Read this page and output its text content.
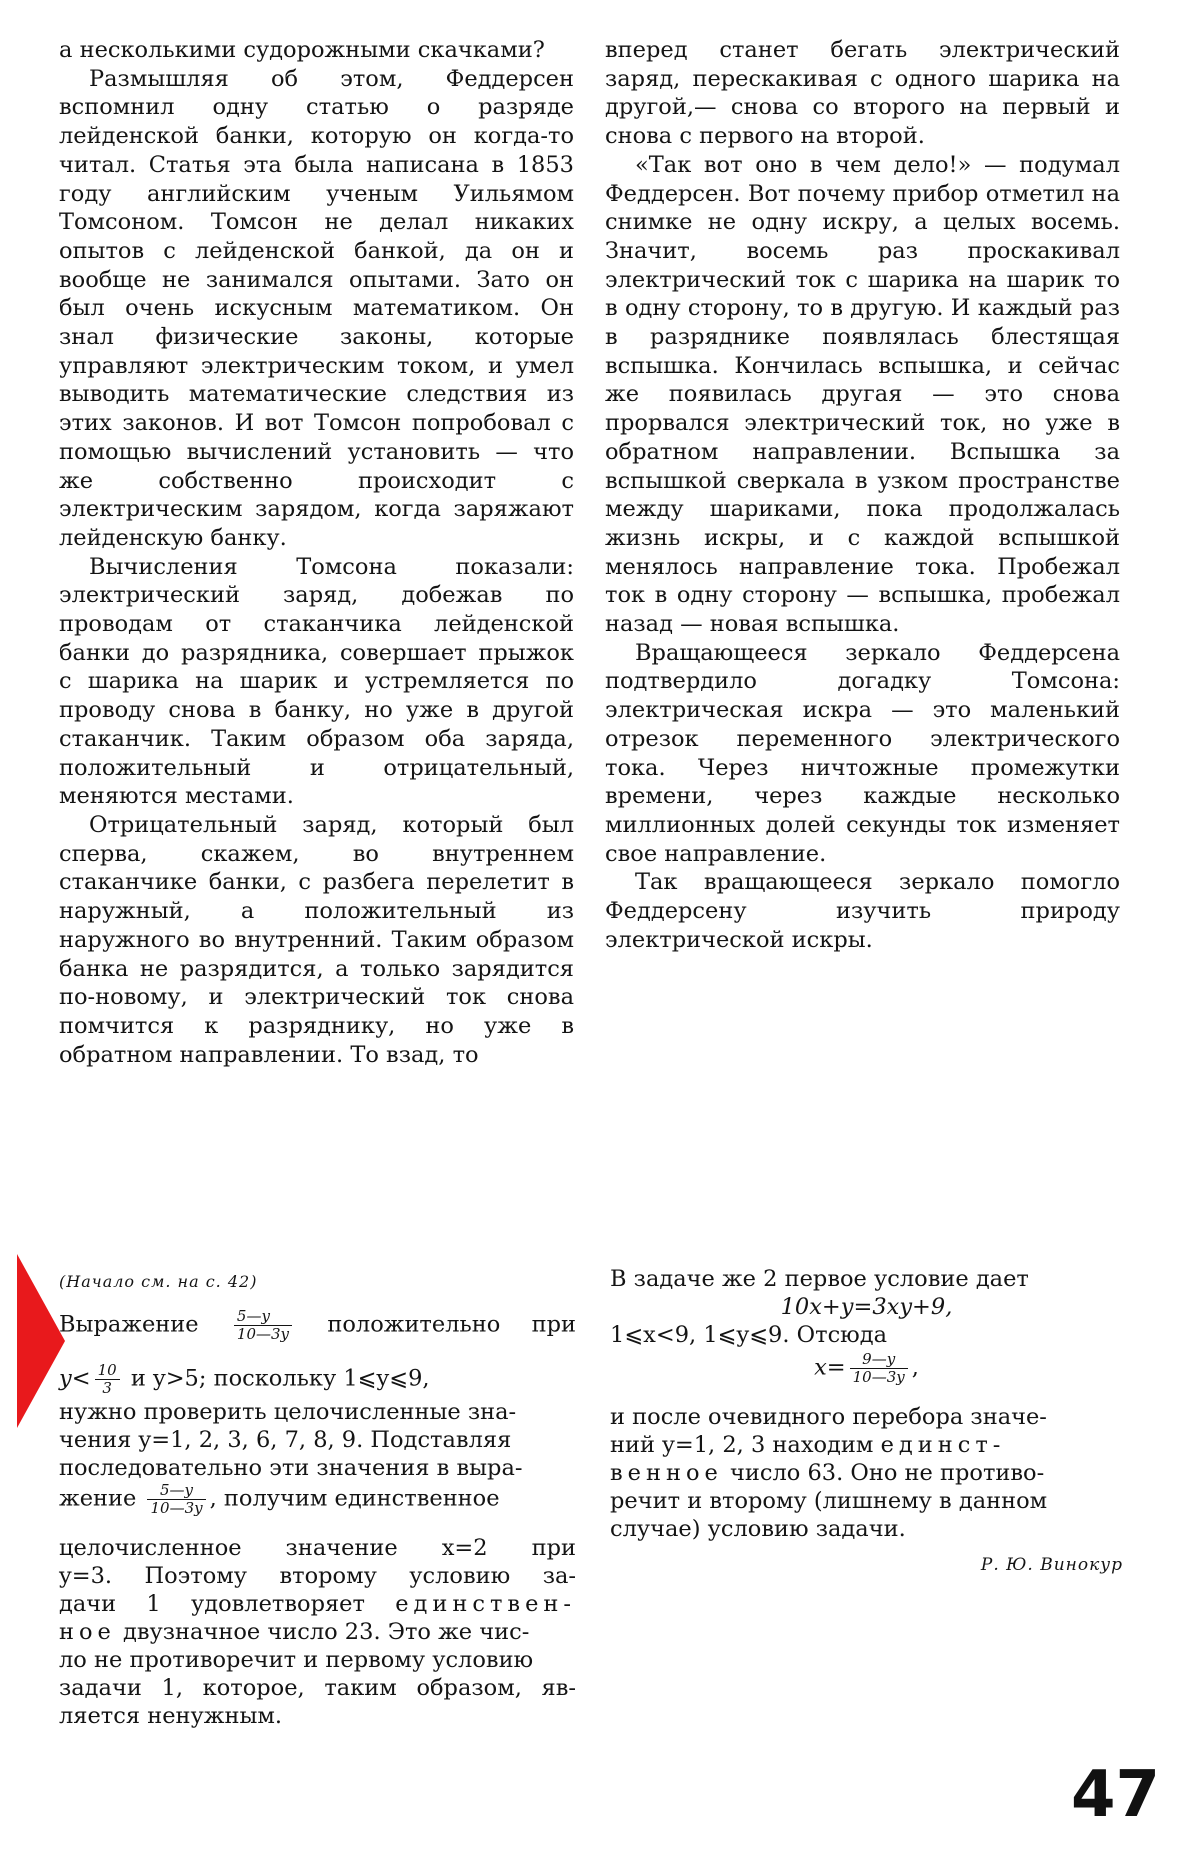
а несколькими судорожными скачками?

Размышляя об этом, Феддерсен вспомнил одну статью о разряде лейденской банки, которую он когда-то читал. Статья эта была написана в 1853 году английским ученым Уильямом Томсоном. Томсон не делал никаких опытов с лейденской банкой, да он и вообще не занимался опытами. Зато он был очень искусным математиком. Он знал физические законы, которые управляют электрическим током, и умел выводить математические следствия из этих законов. И вот Томсон попробовал с помощью вычислений установить — что же собственно происходит с электрическим зарядом, когда заряжают лейденскую банку.

Вычисления Томсона показали: электрический заряд, добежав по проводам от стаканчика лейденской банки до разрядника, совершает прыжок с шарика на шарик и устремляется по проводу снова в банку, но уже в другой стаканчик. Таким образом оба заряда, положительный и отрицательный, меняются местами.

Отрицательный заряд, который был сперва, скажем, во внутреннем стаканчике банки, с разбега перелетит в наружный, а положительный из наружного во внутренний. Таким образом банка не разрядится, а только зарядится по-новому, и электрический ток снова помчится к разряднику, но уже в обратном направлении. То взад, то

вперед станет бегать электрический заряд, перескакивая с одного шарика на другой,— снова со второго на первый и снова с первого на второй.

«Так вот оно в чем дело!» — подумал Феддерсен. Вот почему прибор отметил на снимке не одну искру, а целых восемь. Значит, восемь раз проскакивал электрический ток с шарика на шарик то в одну сторону, то в другую. И каждый раз в разряднике появлялась блестящая вспышка. Кончилась вспышка, и сейчас же появилась другая — это снова прорвался электрический ток, но уже в обратном направлении. Вспышка за вспышкой сверкала в узком пространстве между шариками, пока продолжалась жизнь искры, и с каждой вспышкой менялось направление тока. Пробежал ток в одну сторону — вспышка, пробежал назад — новая вспышка.

Вращающееся зеркало Феддерсена подтвердило догадку Томсона: электрическая искра — это маленький отрезок переменного электрического тока. Через ничтожные промежутки времени, через каждые несколько миллионных долей секунды ток изменяет свое направление.

Так вращающееся зеркало помогло Феддерсену изучить природу электрической искры.

(Начало см. на с. 42)
Выражение $\frac{5—y}{10—3y}$ положительно при
$y< \frac{10}{3}$ и y>5; поскольку 1⩽y⩽9,
нужно проверить целочисленные зна-
чения y=1, 2, 3, 6, 7, 8, 9. Подставляя
последовательно эти значения в выра-
жение $\frac{5—y}{10—3y}$ , получим единственное
целочисленное значение x=2 при
y=3. Поэтому второму условию за-
дачи 1 удовлетворяет единствен-
ное двузначное число 23. Это же чис-
ло не противоречит и первому условию
задачи 1, которое, таким образом, яв-
ляется ненужным.
В задаче же 2 первое условие дает
10x+y=3xy+9,
1⩽x<9, 1⩽y⩽9. Отсюда
$x= \frac{9—y}{10—3y}$ ,
и после очевидного перебора значе-
ний y=1, 2, 3 находим единст-
венное число 63. Оно не противо-
речит и второму (лишнему в данном
случае) условию задачи.
Р. Ю. Винокур
47
